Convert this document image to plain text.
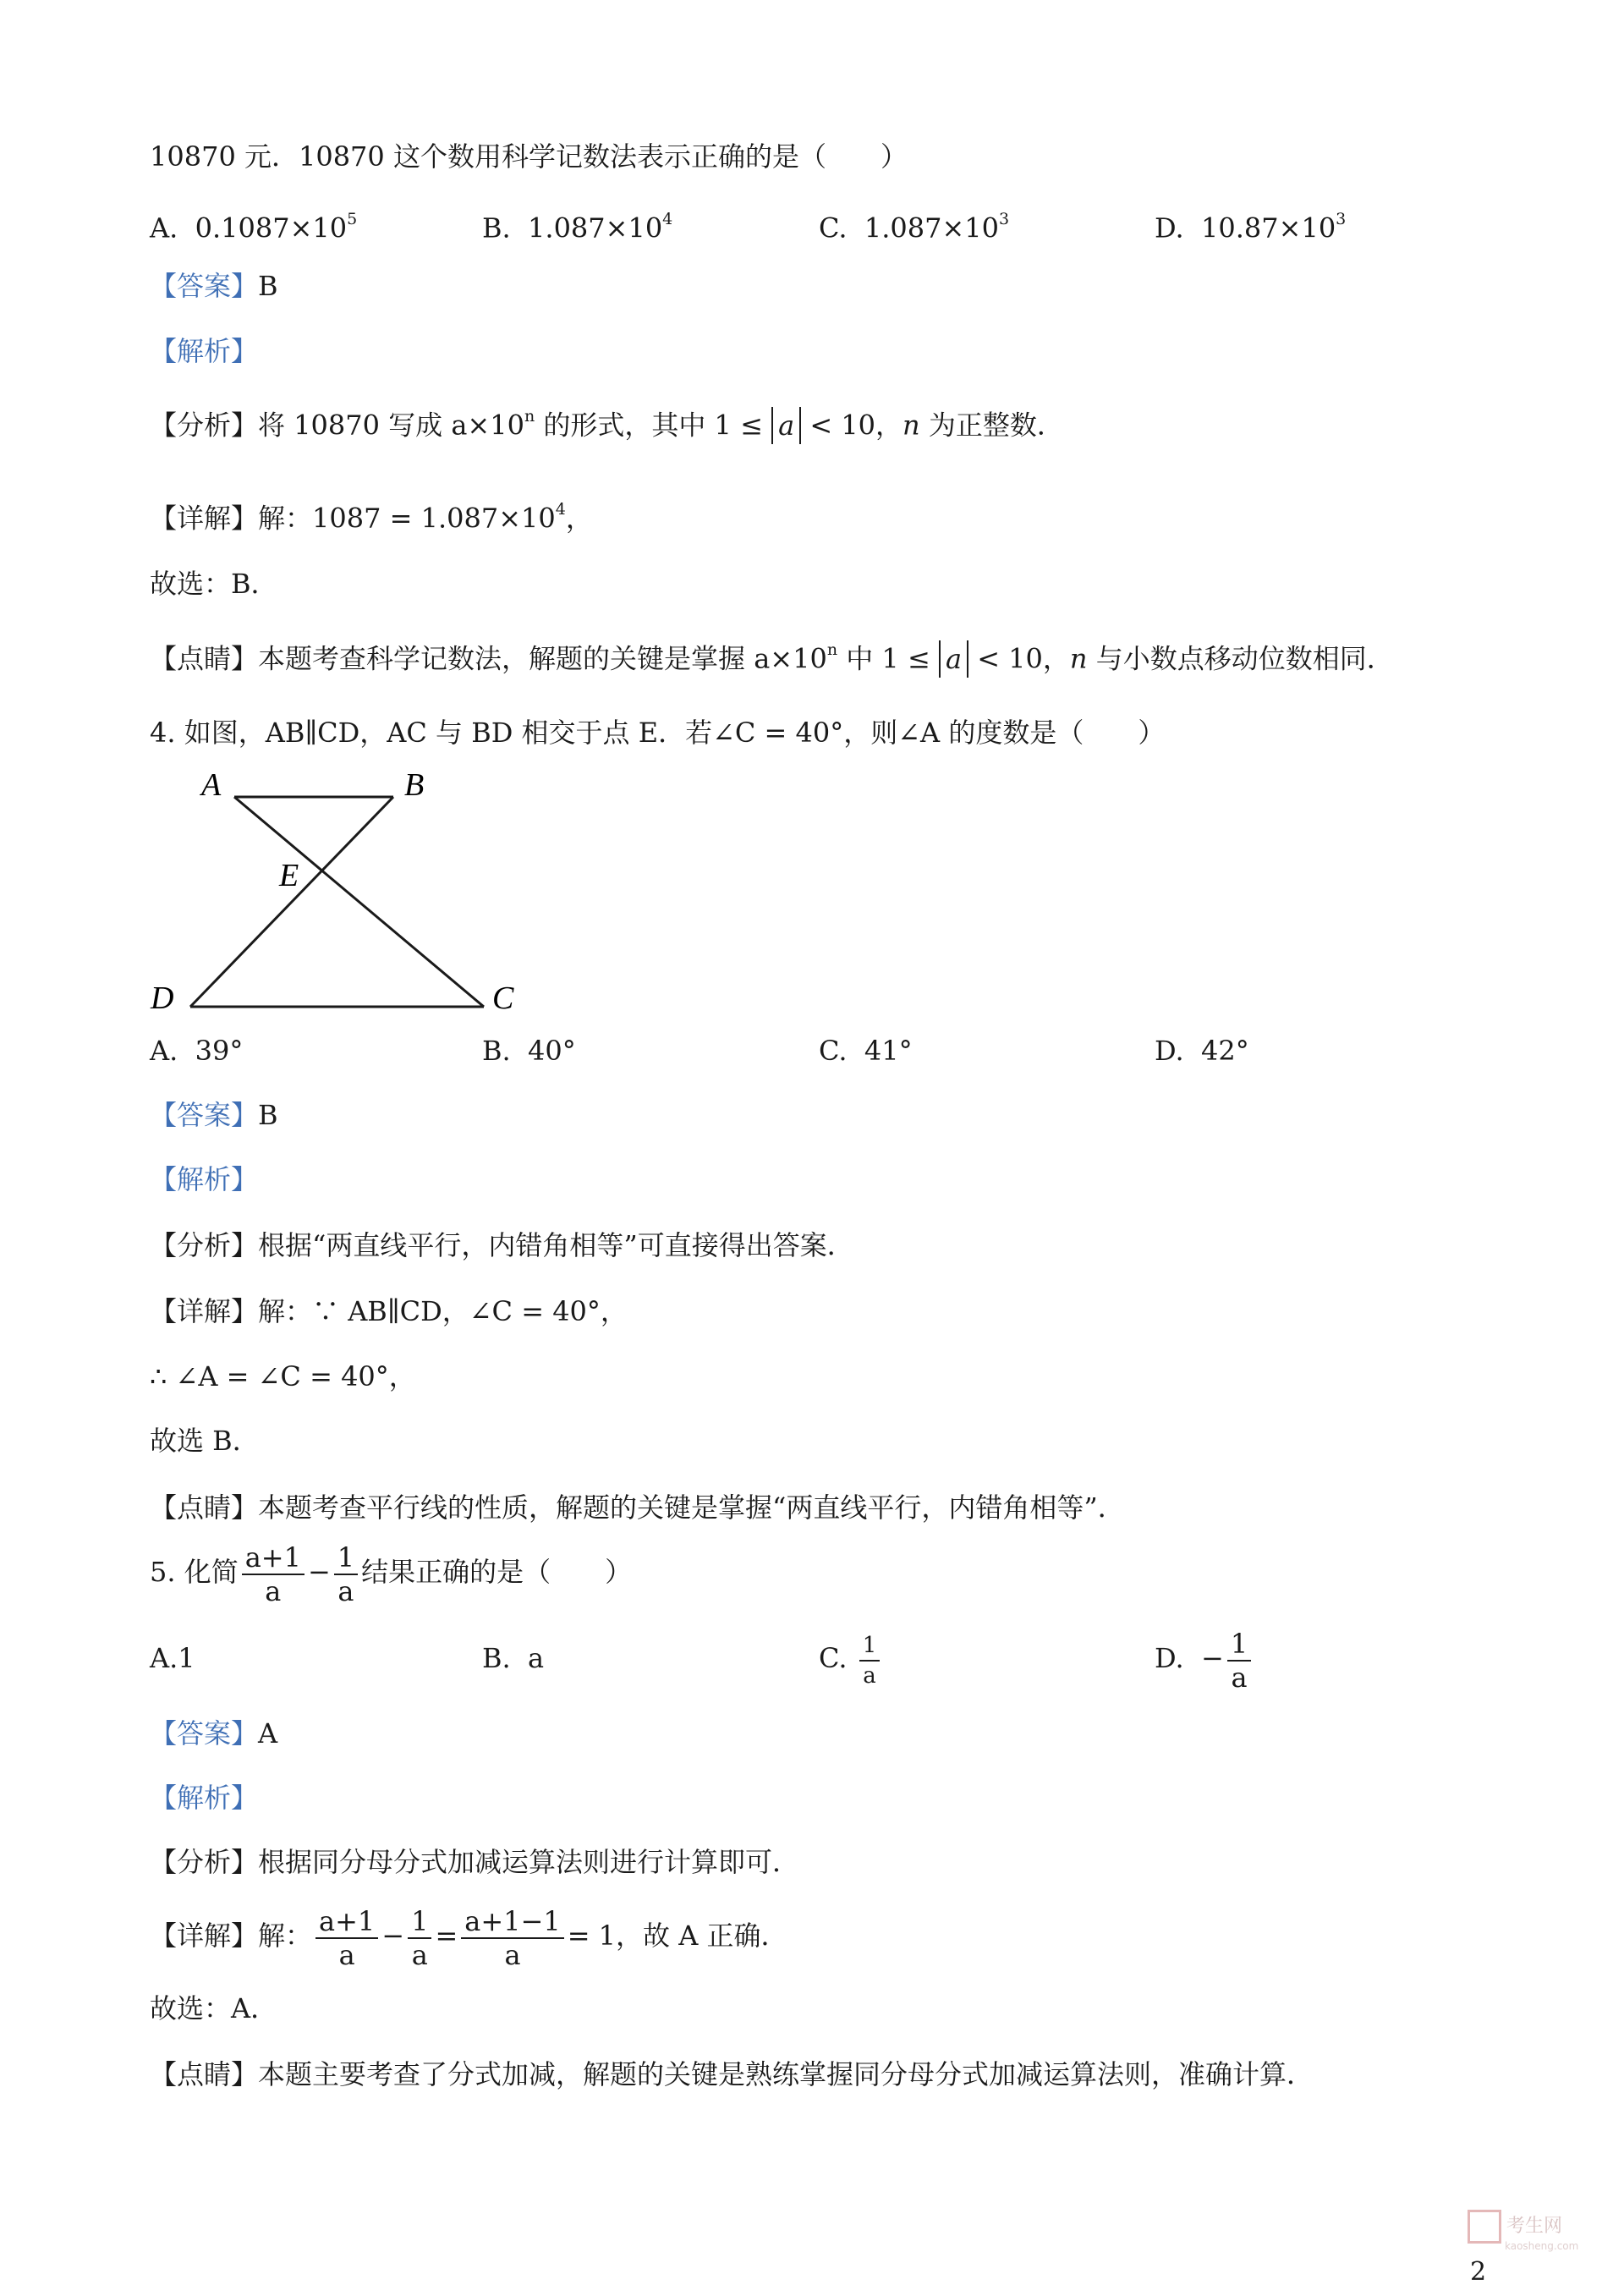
10870 元．10870 这个数用科学记数法表示正确的是（　　）
A. $0.1087\times 10^5$	B. $1.087\times 10^4$	C. $1.087\times 10^3$	D. $10.87\times 10^3$
【答案】B
【解析】
【分析】将 10870 写成 $a\times 10^n$ 的形式，其中 1 ≤ a < 10，n 为正整数．
【详解】解：$1087 = 1.087\times 10^4$，
故选：B．
【点睛】本题考查科学记数法，解题的关键是掌握 $a\times 10^n$ 中 1 ≤ a < 10，n 与小数点移动位数相同．
4. 如图，AB∥CD，AC 与 BD 相交于点 E．若∠C = 40°，则∠A 的度数是（　　）
A	B
E
D	C
A. 39°	B. 40°	C. 41°	D. 42°
【答案】B
【解析】
【分析】根据“两直线平行，内错角相等”可直接得出答案．
【详解】解：∵ AB∥CD，∠C = 40°，
∴ ∠A = ∠C = 40°，
故选 B．
【点睛】本题考查平行线的性质，解题的关键是掌握“两直线平行，内错角相等”．
5. 化简 $\frac{a+1}{a} - \frac{1}{a}$ 结果正确的是（　　）
A.1	B. a	C. $\frac{1}{a}$	D. − $\frac{1}{a}$
【答案】A
【解析】
【分析】根据同分母分式加减运算法则进行计算即可．
【详解】解： $\frac{a+1}{a} - \frac{1}{a} = \frac{a+1-1}{a} = 1$，故 A 正确．
故选：A．
【点睛】本题主要考查了分式加减，解题的关键是熟练掌握同分母分式加减运算法则，准确计算．
考生网
kaosheng.com
2
